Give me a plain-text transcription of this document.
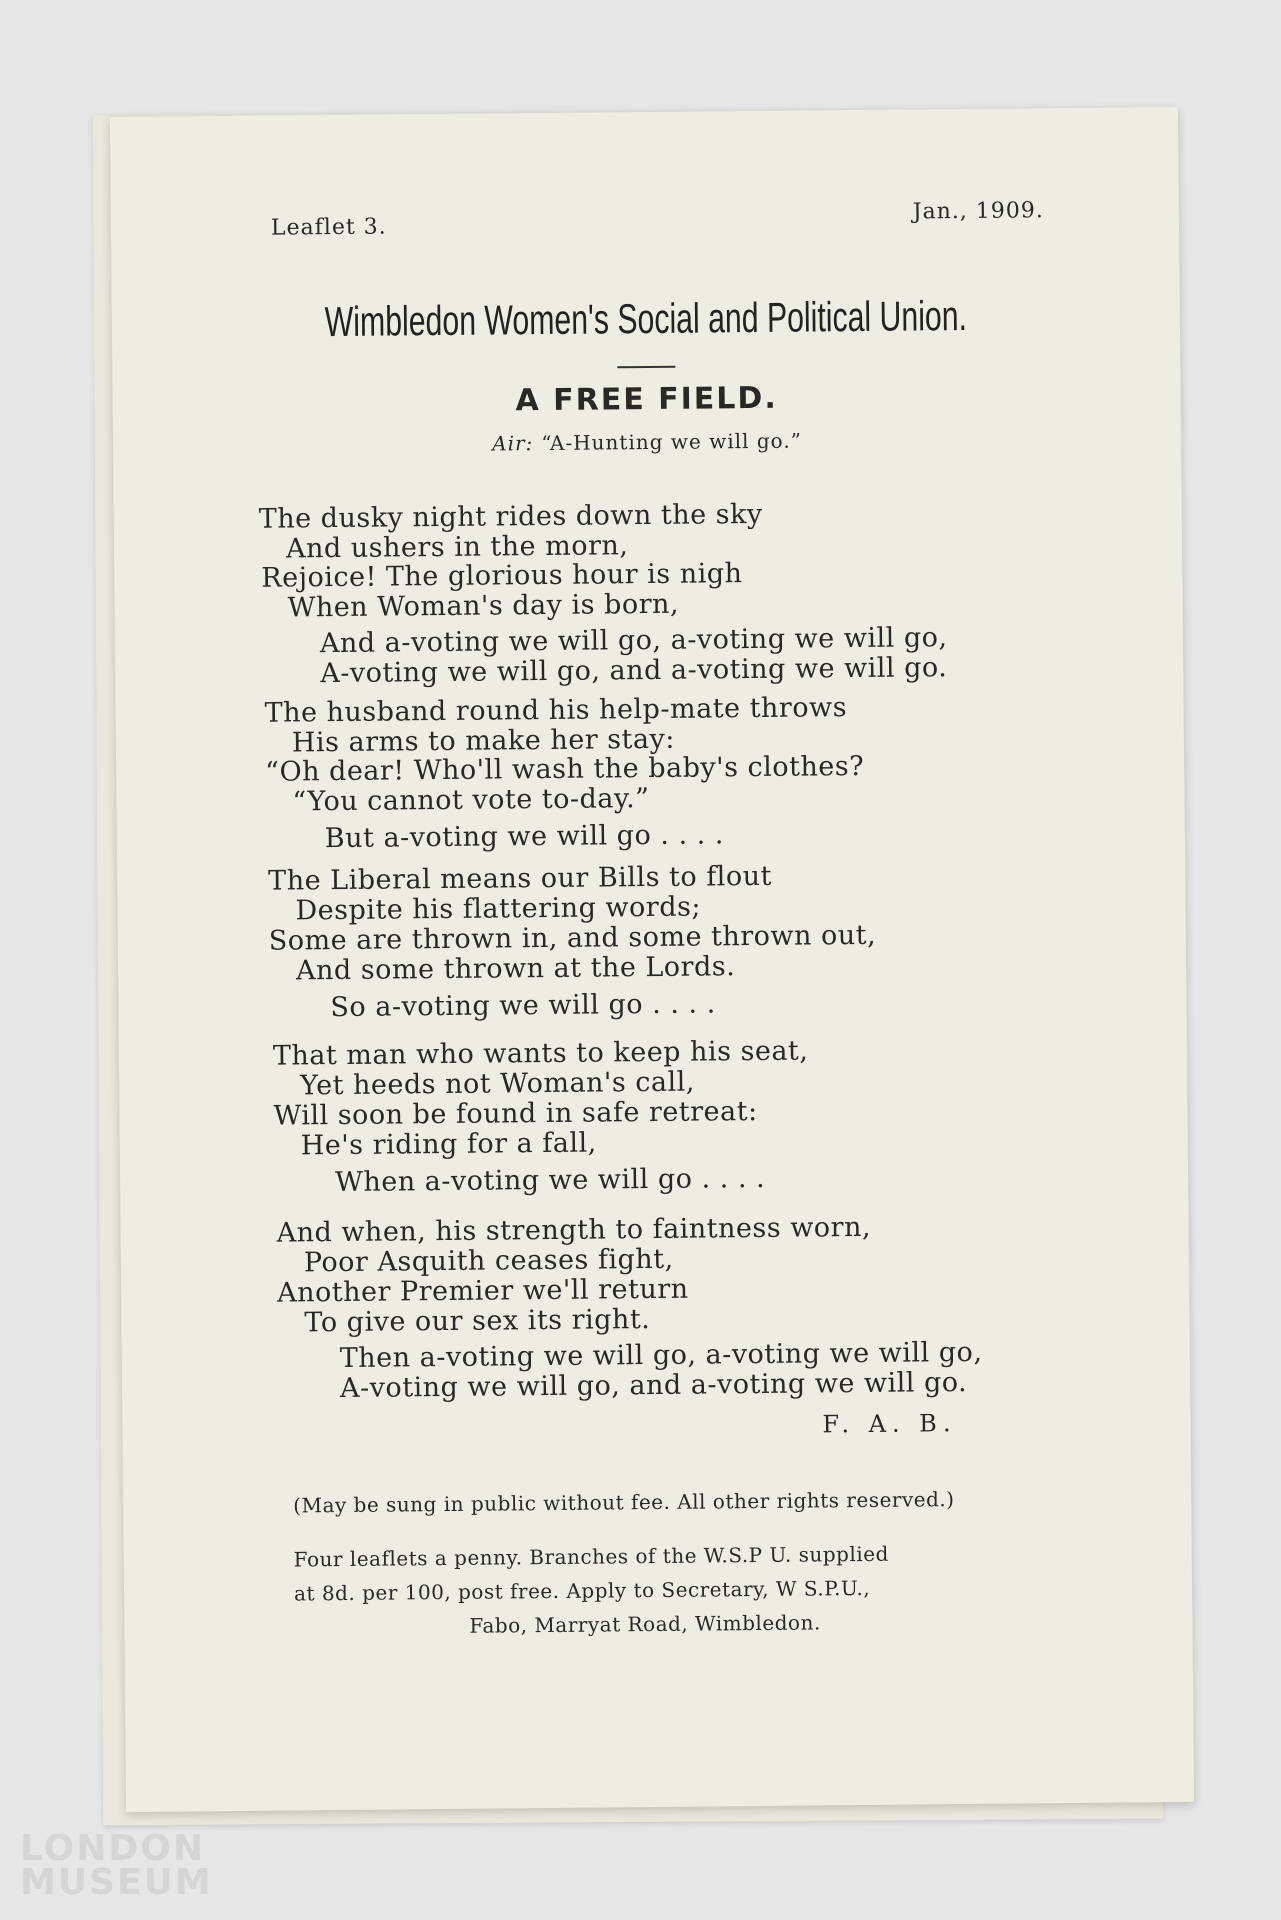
Leaflet 3.
Jan., 1909.
Wimbledon Women's Social and Political Union.
A FREE FIELD.
Air: “A-Hunting we will go.”
The dusky night rides down the sky
And ushers in the morn,
Rejoice! The glorious hour is nigh
When Woman's day is born,
And a-voting we will go, a-voting we will go,
A-voting we will go, and a-voting we will go.
The husband round his help-mate throws
His arms to make her stay:
“Oh dear! Who'll wash the baby's clothes?
“You cannot vote to-day.”
But a-voting we will go . . . .
The Liberal means our Bills to flout
Despite his flattering words;
Some are thrown in, and some thrown out,
And some thrown at the Lords.
So a-voting we will go . . . .
That man who wants to keep his seat,
Yet heeds not Woman's call,
Will soon be found in safe retreat:
He's riding for a fall,
When a-voting we will go . . . .
And when, his strength to faintness worn,
Poor Asquith ceases fight,
Another Premier we'll return
To give our sex its right.
Then a-voting we will go, a-voting we will go,
A-voting we will go, and a-voting we will go.
F. A. B.
(May be sung in public without fee. All other rights reserved.)
Four leaflets a penny. Branches of the W.S.P U. supplied
at 8d. per 100, post free. Apply to Secretary, W S.P.U.,
Fabo, Marryat Road, Wimbledon.
LONDON MUSEUM
